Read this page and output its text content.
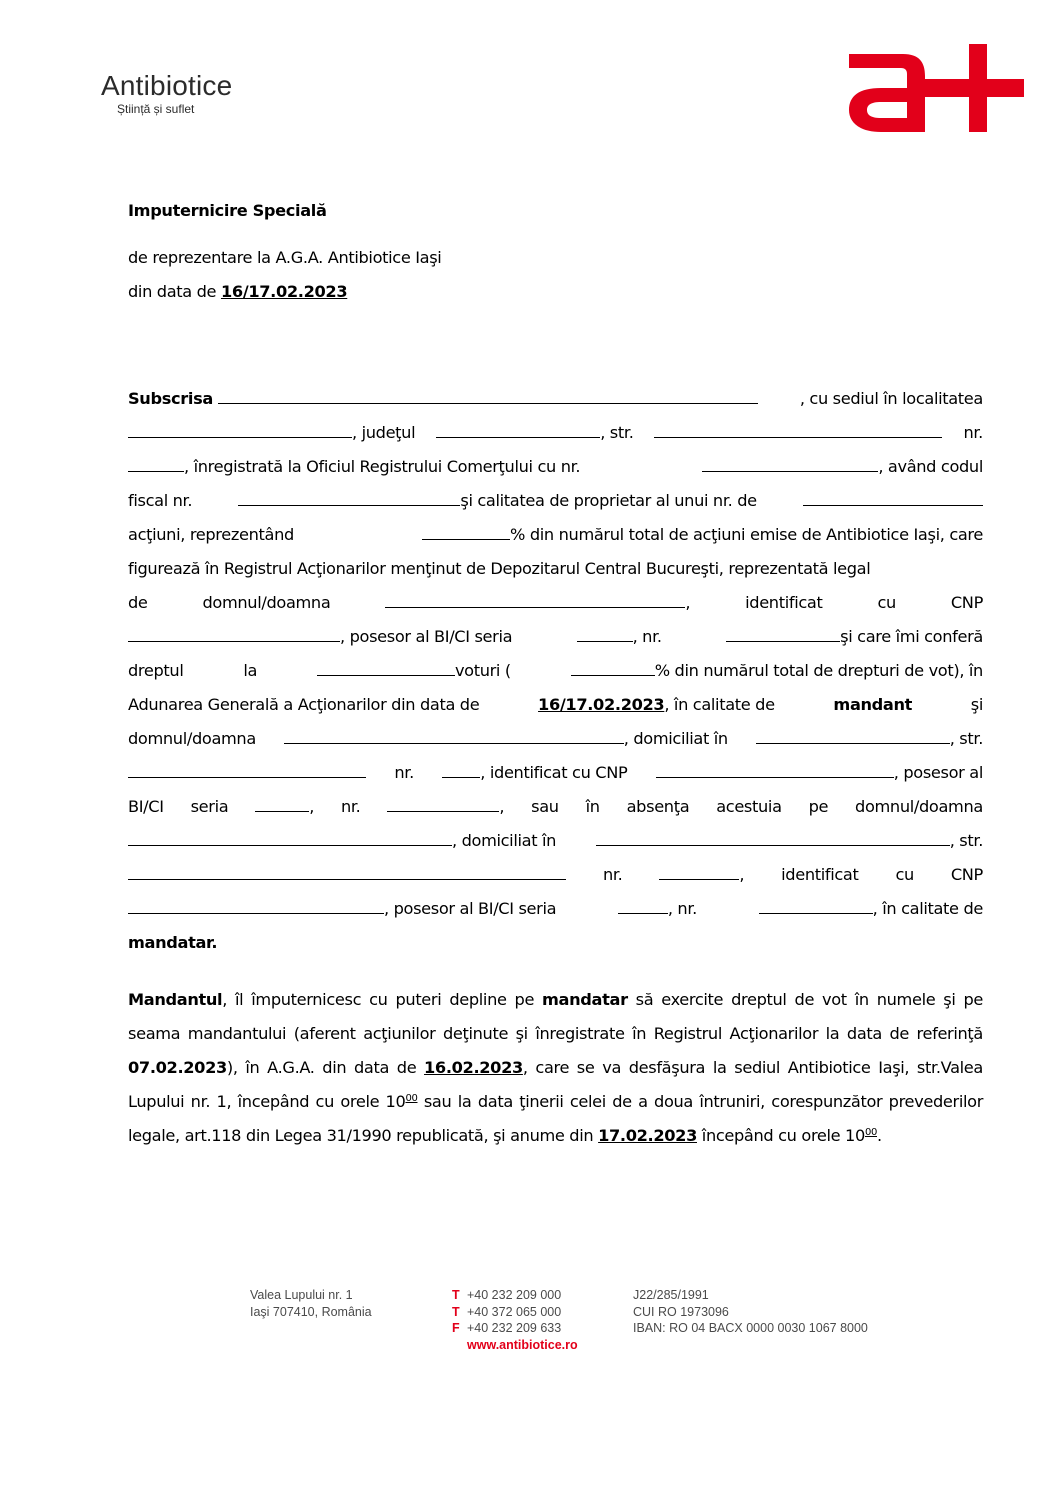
Antibiotice
Știință și suflet
Imputernicire Specială
de reprezentare la A.G.A. Antibiotice Iaşi
din data de 16/17.02.2023
Subscrisa	, cu sediul în localitatea
, judeţul	, str.	nr.
, înregistrată la Oficiul Registrului Comerţului cu nr.	, având codul
fiscal nr.	şi calitatea de proprietar al unui nr. de
acţiuni, reprezentând	% din numărul total de acţiuni emise de Antibiotice Iaşi, care
figurează în Registrul Acţionarilor menţinut de Depozitarul Central Bucureşti, reprezentată legal
de	domnul/doamna	,	identificat	cu	CNP
, posesor al BI/CI seria	, nr.	şi care îmi conferă
dreptul	la	voturi (	% din numărul total de drepturi de vot), în
Adunarea Generală a Acţionarilor din data de	16/17.02.2023, în calitate de	mandant	şi
domnul/doamna	, domiciliat în	, str.
nr.	, identificat cu CNP	, posesor al
BI/CI seria	, nr.	, sau în absenţa acestuia pe domnul/doamna
, domiciliat în	, str.
nr.	, identificat cu CNP
, posesor al BI/CI seria	, nr.	, în calitate de
mandatar.
Mandantul, îl împuternicesc cu puteri depline pe mandatar să exercite dreptul de vot în numele şi pe seama mandantului (aferent acţiunilor deţinute şi înregistrate în Registrul Acţionarilor la data de referinţă 07.02.2023), în A.G.A. din data de 16.02.2023, care se va desfăşura la sediul Antibiotice Iaşi, str.Valea Lupului nr. 1, începând cu orele $10^{00}$ sau la data ţinerii celei de a doua întruniri, corespunzător prevederilor legale, art.118 din Legea 31/1990 republicată, şi anume din 17.02.2023 începând cu orele $10^{00}$.
Valea Lupului nr. 1
Iaşi 707410, România
T +40 232 209 000
T +40 372 065 000
F +40 232 209 633
www.antibiotice.ro
J22/285/1991
CUI RO 1973096
IBAN: RO 04 BACX 0000 0030 1067 8000
